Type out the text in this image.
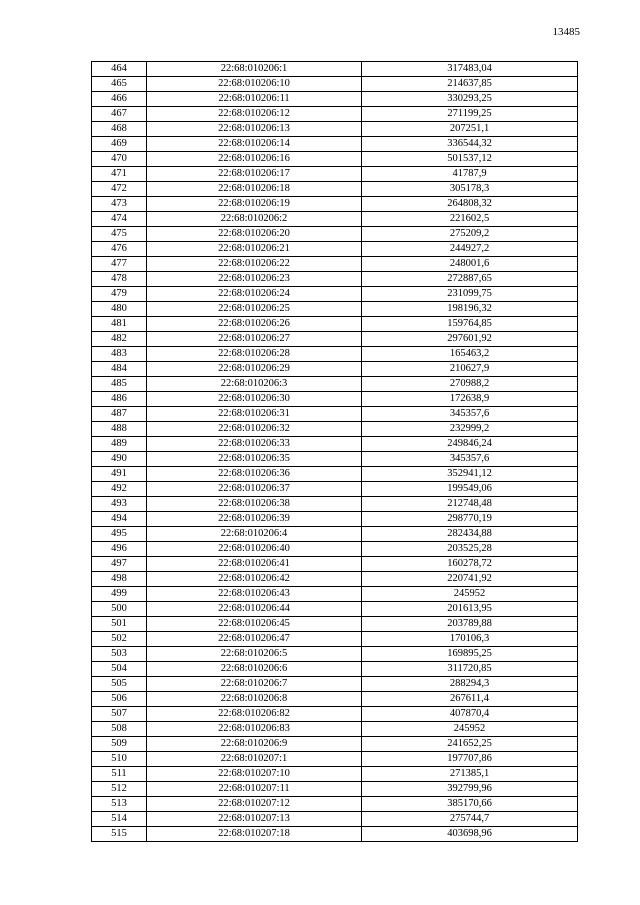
13485
464	22:68:010206:1	317483,04
465	22:68:010206:10	214637,85
466	22:68:010206:11	330293,25
467	22:68:010206:12	271199,25
468	22:68:010206:13	207251,1
469	22:68:010206:14	336544,32
470	22:68:010206:16	501537,12
471	22:68:010206:17	41787,9
472	22:68:010206:18	305178,3
473	22:68:010206:19	264808,32
474	22:68:010206:2	221602,5
475	22:68:010206:20	275209,2
476	22:68:010206:21	244927,2
477	22:68:010206:22	248001,6
478	22:68:010206:23	272887,65
479	22:68:010206:24	231099,75
480	22:68:010206:25	198196,32
481	22:68:010206:26	159764,85
482	22:68:010206:27	297601,92
483	22:68:010206:28	165463,2
484	22:68:010206:29	210627,9
485	22:68:010206:3	270988,2
486	22:68:010206:30	172638,9
487	22:68:010206:31	345357,6
488	22:68:010206:32	232999,2
489	22:68:010206:33	249846,24
490	22:68:010206:35	345357,6
491	22:68:010206:36	352941,12
492	22:68:010206:37	199549,06
493	22:68:010206:38	212748,48
494	22:68:010206:39	298770,19
495	22:68:010206:4	282434,88
496	22:68:010206:40	203525,28
497	22:68:010206:41	160278,72
498	22:68:010206:42	220741,92
499	22:68:010206:43	245952
500	22:68:010206:44	201613,95
501	22:68:010206:45	203789,88
502	22:68:010206:47	170106,3
503	22:68:010206:5	169895,25
504	22:68:010206:6	311720,85
505	22:68:010206:7	288294,3
506	22:68:010206:8	267611,4
507	22:68:010206:82	407870,4
508	22:68:010206:83	245952
509	22:68:010206:9	241652,25
510	22:68:010207:1	197707,86
511	22:68:010207:10	271385,1
512	22:68:010207:11	392799,96
513	22:68:010207:12	385170,66
514	22:68:010207:13	275744,7
515	22:68:010207:18	403698,96
